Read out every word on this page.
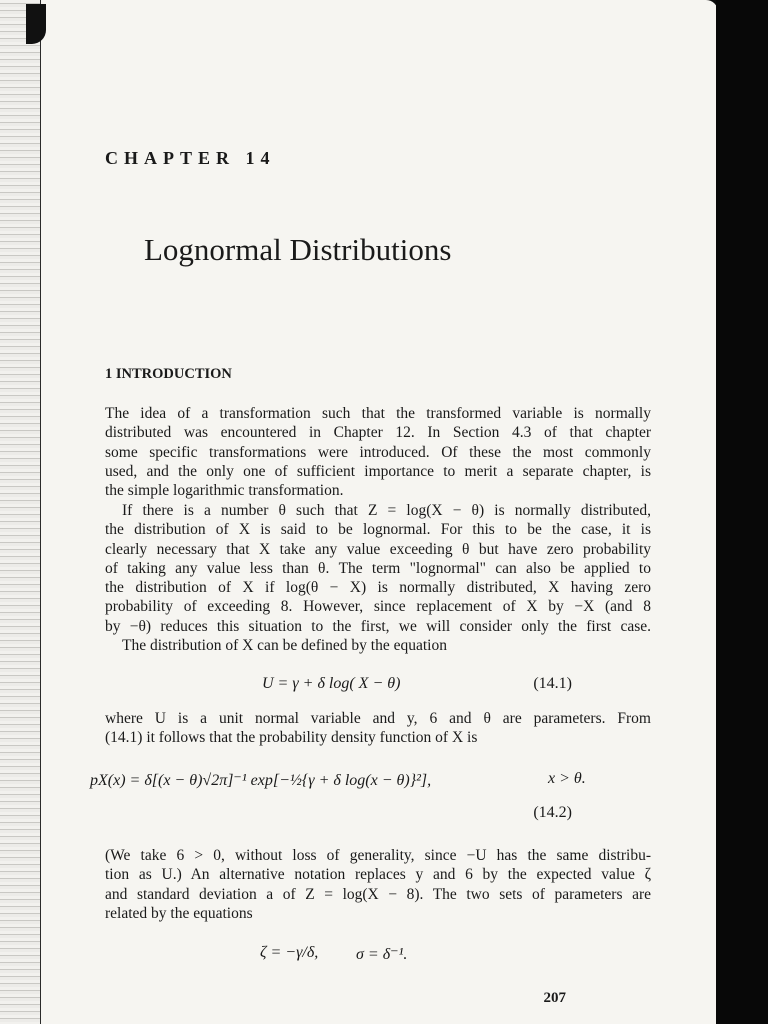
CHAPTER 14
Lognormal Distributions
1 INTRODUCTION
The idea of a transformation such that the transformed variable is normally
distributed was encountered in Chapter 12. In Section 4.3 of that chapter
some specific transformations were introduced. Of these the most commonly
used, and the only one of sufficient importance to merit a separate chapter, is
the simple logarithmic transformation.
If there is a number θ such that Z = log(X − θ) is normally distributed,
the distribution of X is said to be lognormal. For this to be the case, it is
clearly necessary that X take any value exceeding θ but have zero probability
of taking any value less than θ. The term "lognormal" can also be applied to
the distribution of X if log(θ − X) is normally distributed, X having zero
probability of exceeding 8. However, since replacement of X by −X (and 8
by −θ) reduces this situation to the first, we will consider only the first case.
The distribution of X can be defined by the equation
U = γ + δ log( X − θ)	(14.1)
where U is a unit normal variable and y, 6 and θ are parameters. From
(14.1) it follows that the probability density function of X is
pX(x) = δ[(x − θ)√2π]⁻¹ exp[−½{γ + δ log(x − θ)}²],	x > θ.
(14.2)
(We take 6 > 0, without loss of generality, since −U has the same distribu-
tion as U.) An alternative notation replaces y and 6 by the expected value ζ
and standard deviation a of Z = log(X − 8). The two sets of parameters are
related by the equations
ζ = −γ/δ, σ = δ⁻¹.
207
